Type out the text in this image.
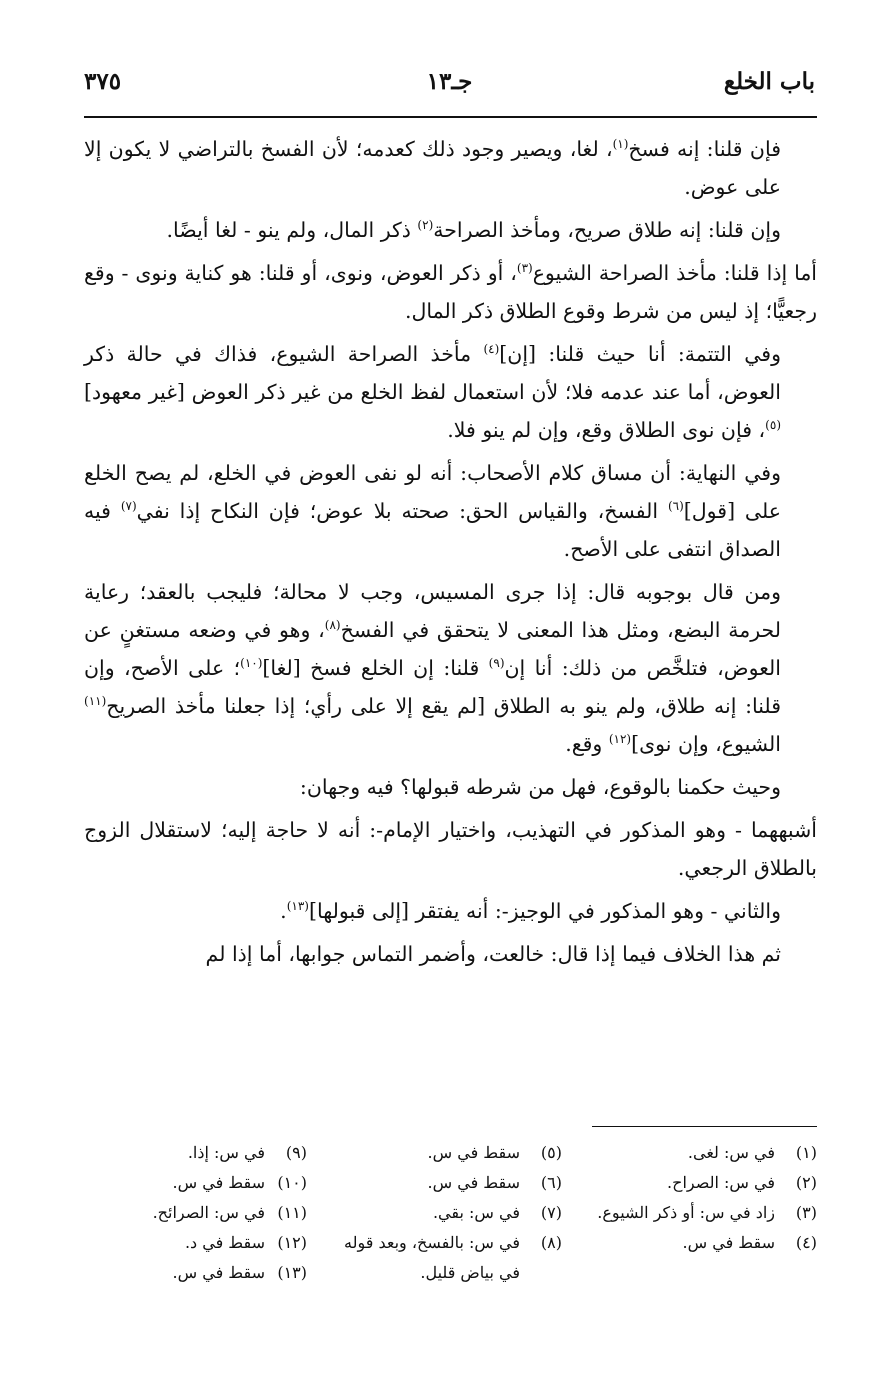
باب الخلع
جـ١٣
٣٧٥

فإن قلنا: إنه فسخ$^{(١)}$، لغا، ويصير وجود ذلك كعدمه؛ لأن الفسخ بالتراضي لا يكون إلا على عوض.

وإن قلنا: إنه طلاق صريح، ومأخذ الصراحة$^{(٢)}$ ذكر المال، ولم ينو - لغا أيضًا.

أما إذا قلنا: مأخذ الصراحة الشيوع$^{(٣)}$، أو ذكر العوض، ونوى، أو قلنا: هو كناية ونوى - وقع رجعيًّا؛ إذ ليس من شرط وقوع الطلاق ذكر المال.

وفي التتمة: أنا حيث قلنا: [إن]$^{(٤)}$ مأخذ الصراحة الشيوع، فذاك في حالة ذكر العوض، أما عند عدمه فلا؛ لأن استعمال لفظ الخلع من غير ذكر العوض [غير معهود]$^{(٥)}$، فإن نوى الطلاق وقع، وإن لم ينو فلا.

وفي النهاية: أن مساق كلام الأصحاب: أنه لو نفى العوض في الخلع، لم يصح الخلع على [قول]$^{(٦)}$ الفسخ، والقياس الحق: صحته بلا عوض؛ فإن النكاح إذا نفي$^{(٧)}$ فيه الصداق انتفى على الأصح.

ومن قال بوجوبه قال: إذا جرى المسيس، وجب لا محالة؛ فليجب بالعقد؛ رعاية لحرمة البضع، ومثل هذا المعنى لا يتحقق في الفسخ$^{(٨)}$، وهو في وضعه مستغنٍ عن العوض، فتلخَّص من ذلك: أنا إن$^{(٩)}$ قلنا: إن الخلع فسخ [لغا]$^{(١٠)}$؛ على الأصح، وإن قلنا: إنه طلاق، ولم ينو به الطلاق [لم يقع إلا على رأي؛ إذا جعلنا مأخذ الصريح$^{(١١)}$ الشيوع، وإن نوى]$^{(١٢)}$ وقع.

وحيث حكمنا بالوقوع، فهل من شرطه قبولها؟ فيه وجهان:

أشبههما - وهو المذكور في التهذيب، واختيار الإمام-: أنه لا حاجة إليه؛ لاستقلال الزوج بالطلاق الرجعي.

والثاني - وهو المذكور في الوجيز-: أنه يفتقر [إلى قبولها]$^{(١٣)}$.

ثم هذا الخلاف فيما إذا قال: خالعت، وأضمر التماس جوابها، أما إذا لم

(١)
في س: لغى.
(٢)
في س: الصراح.
(٣)
زاد في س: أو ذكر الشيوع.
(٤)
سقط في س.
(٥)
سقط في س.
(٦)
سقط في س.
(٧)
في س: بقي.
(٨)
في س: بالفسخ، وبعد قوله في بياض قليل.
(٩)
في س: إذا.
(١٠)
سقط في س.
(١١)
في س: الصرائح.
(١٢)
سقط في د.
(١٣)
سقط في س.
